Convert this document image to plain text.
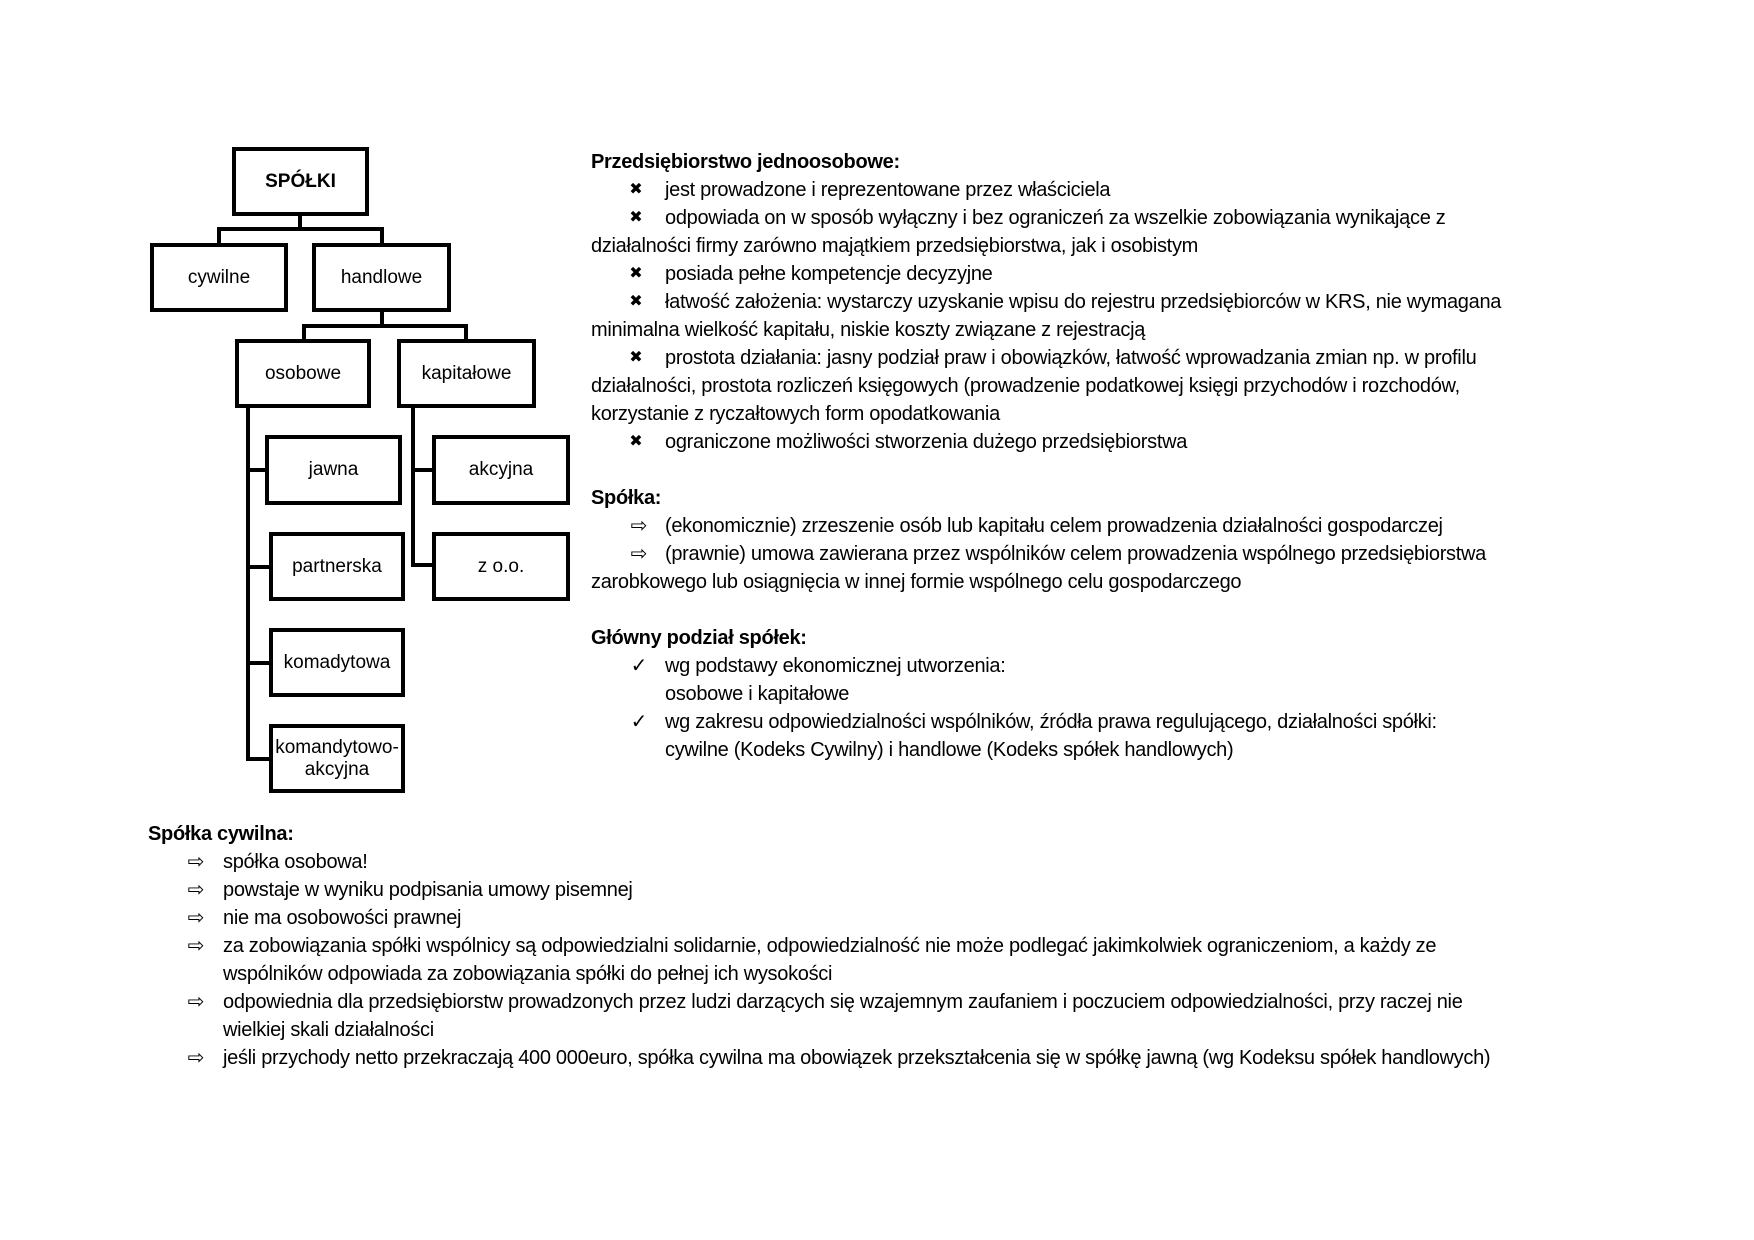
SPÓŁKI
cywilne	handlowe
osobowe	kapitałowe
jawna
partnerska
komadytowa
komandytowo-akcyjna
akcyjna
z o.o.
Przedsiębiorstwo jednoosobowe:
✖ jest prowadzone i reprezentowane przez właściciela
✖ odpowiada on w sposób wyłączny i bez ograniczeń za wszelkie zobowiązania wynikające z
działalności firmy zarówno majątkiem przedsiębiorstwa, jak i osobistym
✖ posiada pełne kompetencje decyzyjne
✖ łatwość założenia: wystarczy uzyskanie wpisu do rejestru przedsiębiorców w KRS, nie wymagana
minimalna wielkość kapitału, niskie koszty związane z rejestracją
✖ prostota działania: jasny podział praw i obowiązków, łatwość wprowadzania zmian np. w profilu
działalności, prostota rozliczeń księgowych (prowadzenie podatkowej księgi przychodów i rozchodów,
korzystanie z ryczałtowych form opodatkowania
✖ ograniczone możliwości stworzenia dużego przedsiębiorstwa
Spółka:
⇨ (ekonomicznie) zrzeszenie osób lub kapitału celem prowadzenia działalności gospodarczej
⇨ (prawnie) umowa zawierana przez wspólników celem prowadzenia wspólnego przedsiębiorstwa
zarobkowego lub osiągnięcia w innej formie wspólnego celu gospodarczego
Główny podział spółek:
✓ wg podstawy ekonomicznej utworzenia:
osobowe i kapitałowe
✓ wg zakresu odpowiedzialności wspólników, źródła prawa regulującego, działalności spółki:
cywilne (Kodeks Cywilny) i handlowe (Kodeks spółek handlowych)
Spółka cywilna:
⇨ spółka osobowa!
⇨ powstaje w wyniku podpisania umowy pisemnej
⇨ nie ma osobowości prawnej
⇨ za zobowiązania spółki wspólnicy są odpowiedzialni solidarnie, odpowiedzialność nie może podlegać jakimkolwiek ograniczeniom, a każdy ze
wspólników odpowiada za zobowiązania spółki do pełnej ich wysokości
⇨ odpowiednia dla przedsiębiorstw prowadzonych przez ludzi darzących się wzajemnym zaufaniem i poczuciem odpowiedzialności, przy raczej nie
wielkiej skali działalności
⇨ jeśli przychody netto przekraczają 400 000euro, spółka cywilna ma obowiązek przekształcenia się w spółkę jawną (wg Kodeksu spółek handlowych)
